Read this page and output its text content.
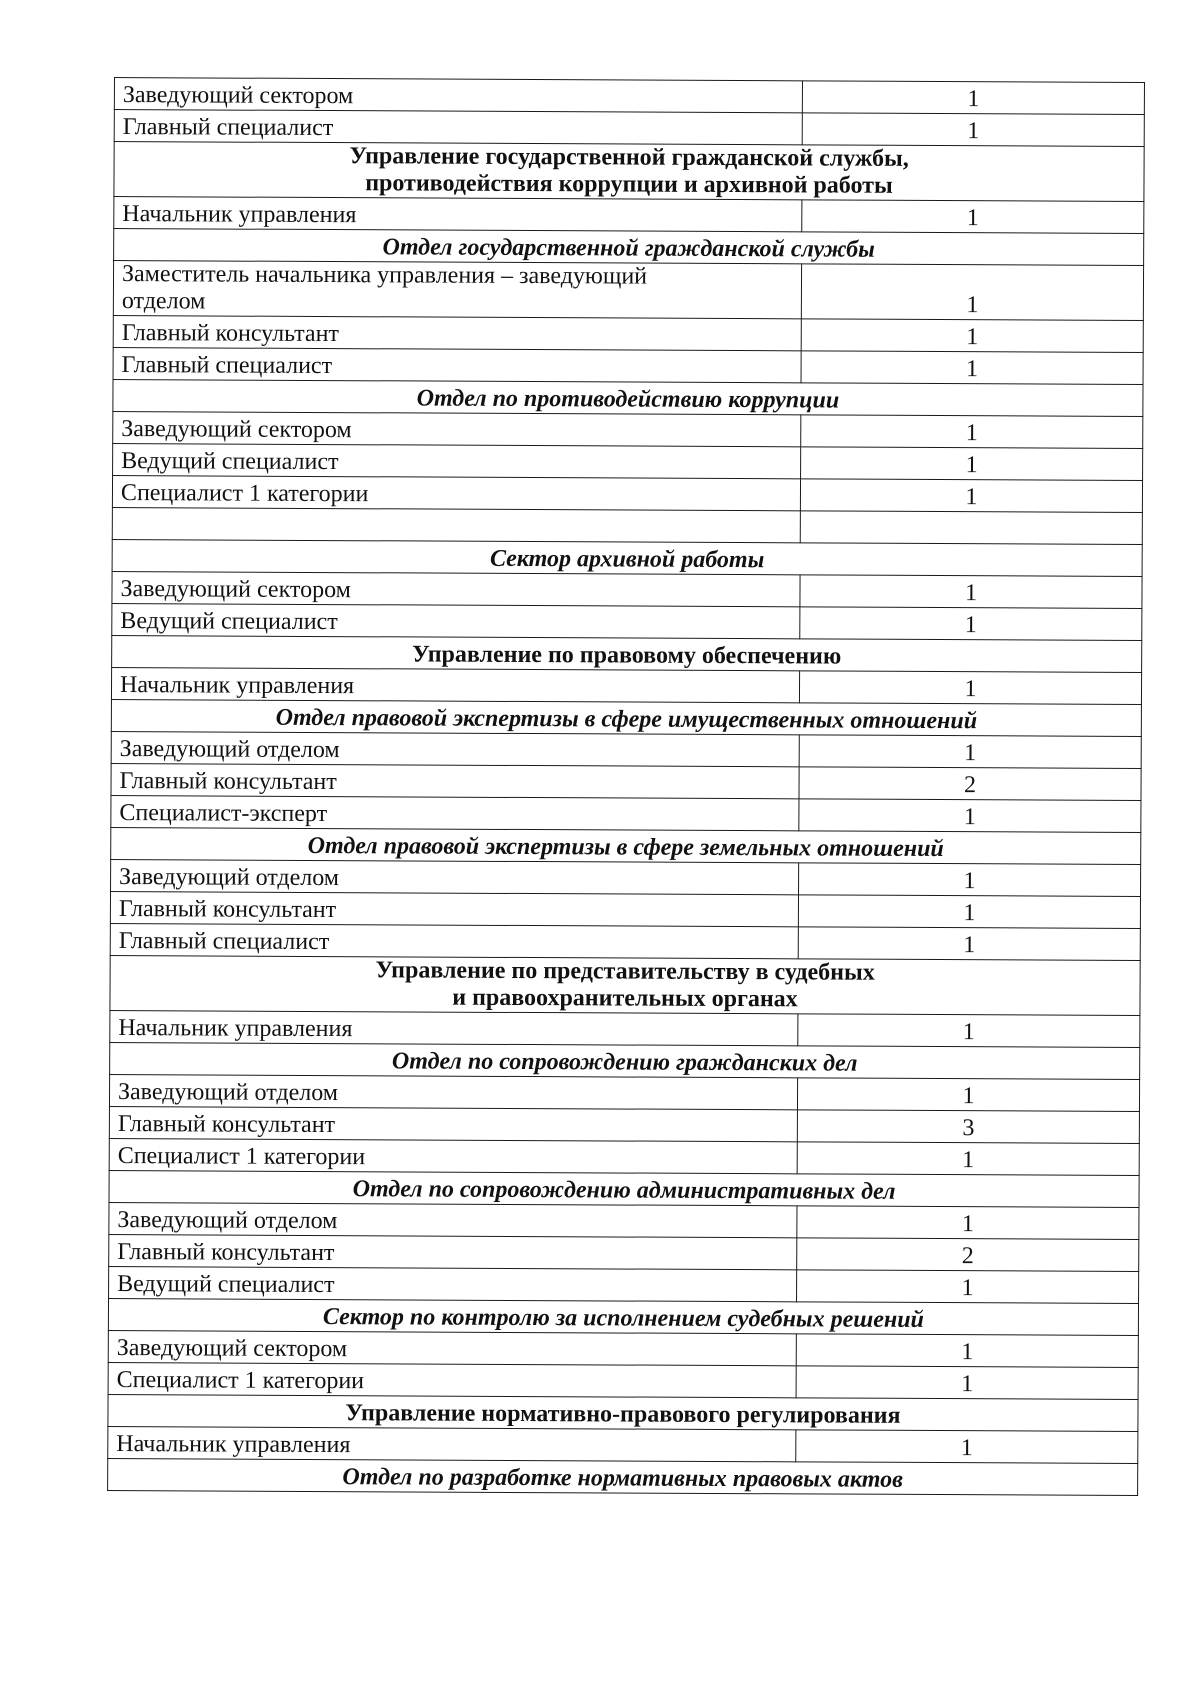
Заведующий сектором	1
Главный специалист	1

Управление государственной гражданской службы,
противодействия коррупции и архивной работы	

Начальник управления	1
Отдел государственной гражданской службы	

Заместитель начальника управления – заведующий
отделом	1
Главный консультант	1
Главный специалист	1
Отдел по противодействию коррупции	
Заведующий сектором	1
Ведущий специалист	1
Специалист 1 категории	1

Сектор архивной работы	
Заведующий сектором	1
Ведущий специалист	1

Управление по правовому обеспечению	

Начальник управления	1
Отдел правовой экспертизы в сфере имущественных отношений	
Заведующий отделом	1
Главный консультант	2
Специалист-эксперт	1
Отдел правовой экспертизы в сфере земельных отношений	
Заведующий отделом	1
Главный консультант	1
Главный специалист	1

Управление по представительству в судебных
и правоохранительных органах	

Начальник управления	1
Отдел по сопровождению гражданских дел	
Заведующий отделом	1
Главный консультант	3
Специалист 1 категории	1
Отдел по сопровождению административных дел	
Заведующий отделом	1
Главный консультант	2
Ведущий специалист	1
Сектор по контролю за исполнением судебных решений	
Заведующий сектором	1
Специалист 1 категории	1
Управление нормативно-правового регулирования	
Начальник управления	1
Отдел по разработке нормативных правовых актов	
